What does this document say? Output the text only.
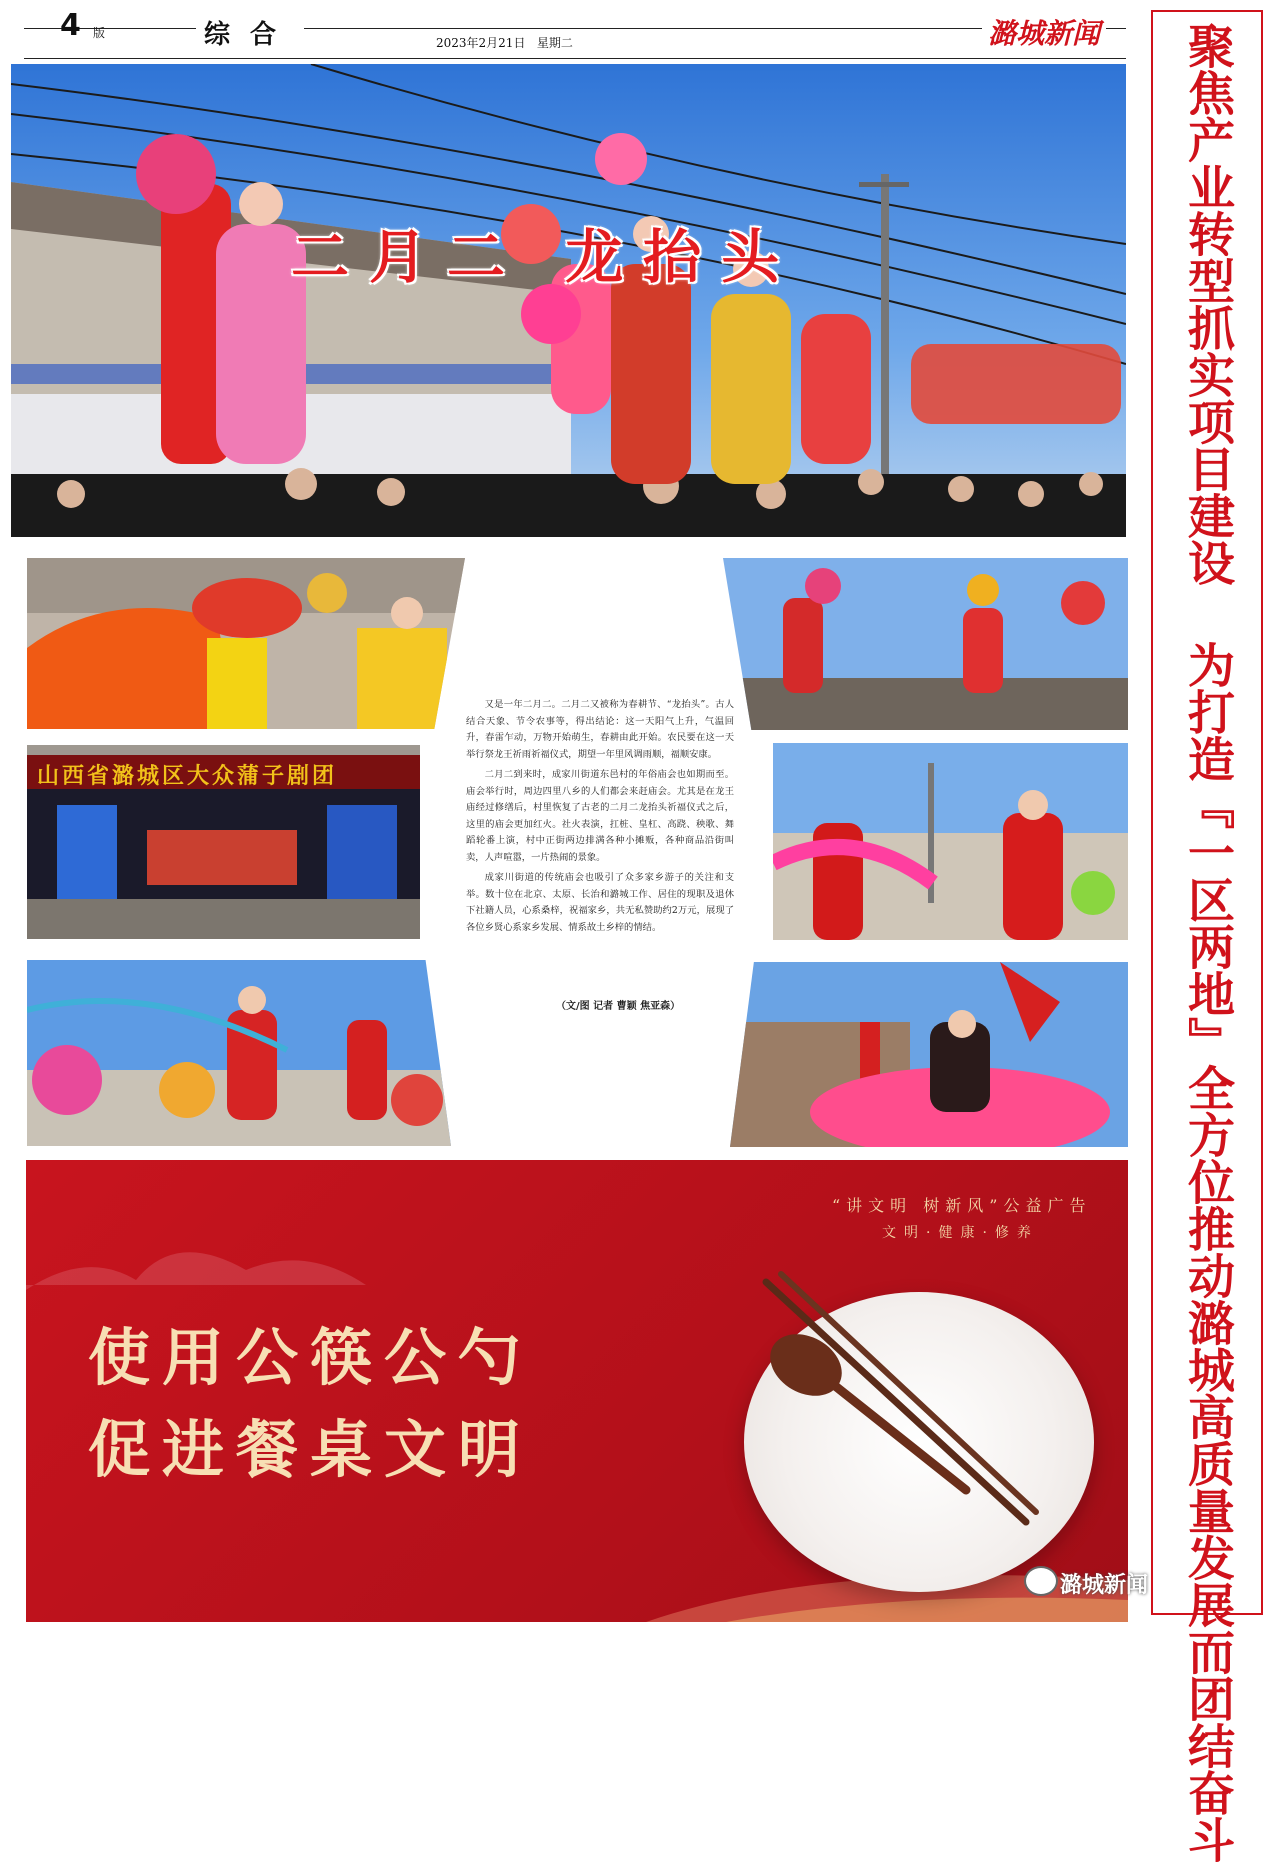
4 版	综合	2023年2月21日 星期二	潞城新闻	聚焦产业转型抓实项目建设 为打造『一区两地』全方位推动潞城高质量发展而团结奋斗
二月二 龙抬头
山西省潞城区大众蒲子剧团

又是一年二月二。二月二又被称为春耕节、“龙抬头”。古人结合天象、节令农事等，得出结论：这一天阳气上升，气温回升，春雷乍动，万物开始萌生，春耕由此开始。农民要在这一天举行祭龙王祈雨祈福仪式，期望一年里风调雨顺，福顺安康。

二月二到来时，成家川街道东邑村的年俗庙会也如期而至。庙会举行时，周边四里八乡的人们都会来赶庙会。尤其是在龙王庙经过修缮后，村里恢复了古老的二月二龙抬头祈福仪式之后，这里的庙会更加红火。社火表演，扛桩、皇杠、高跷、秧歌、舞蹈轮番上演，村中正街两边排满各种小摊贩，各种商品沿街叫卖，人声喧嚣，一片热闹的景象。

成家川街道的传统庙会也吸引了众多家乡游子的关注和支举。数十位在北京、太原、长治和潞城工作、居住的现职及退休下社籍人员，心系桑梓，祝福家乡，共无私赞助约2万元，展现了各位乡贤心系家乡发展、情系故土乡梓的情结。

（文/图 记者 曹颖 焦亚森）
“讲文明 树新风”公益广告
文明·健康·修养
使用公筷公勺
促进餐桌文明
潞城新闻
